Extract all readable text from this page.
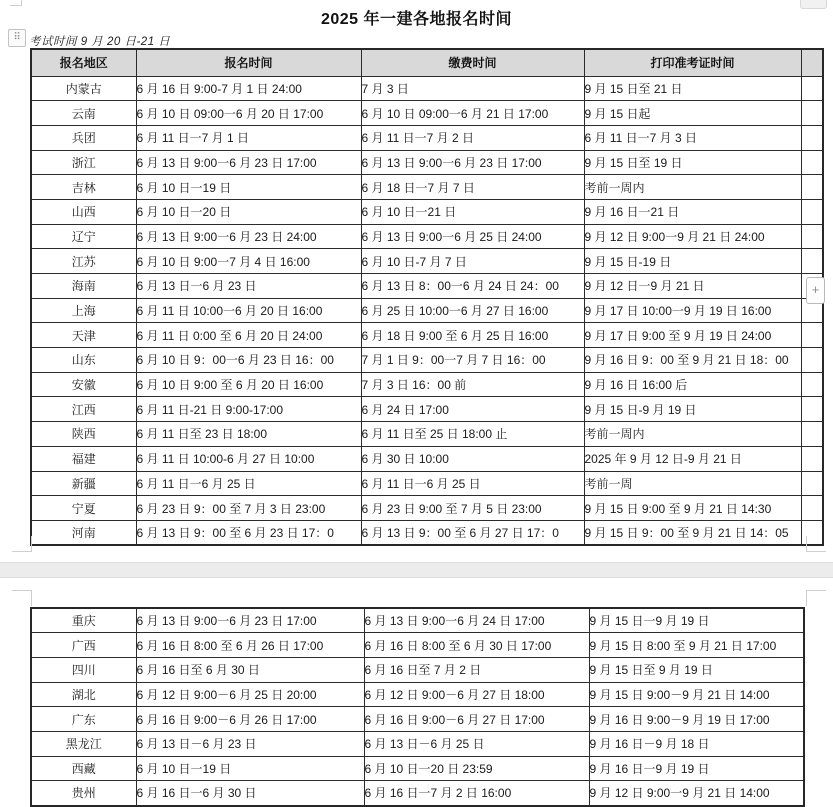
2025 年一建各地报名时间
⠿ 考试时间 9 月 20 日-21 日
报名地区	报名时间	缴费时间	打印准考证时间	
内蒙古	6 月 16 日 9:00-7 月 1 日 24:00	7 月 3 日	9 月 15 日至 21 日	
云南	6 月 10 日 09:00一6 月 20 日 17:00	6 月 10 日 09:00一6 月 21 日 17:00	9 月 15 日起	
兵团	6 月 11 日一7 月 1 日	6 月 11 日一7 月 2 日	6 月 11 日一7 月 3 日	
浙江	6 月 13 日 9:00一6 月 23 日 17:00	6 月 13 日 9:00一6 月 23 日 17:00	9 月 15 日至 19 日	
吉林	6 月 10 日一19 日	6 月 18 日一7 月 7 日	考前一周内	
山西	6 月 10 日一20 日	6 月 10 日一21 日	9 月 16 日一21 日	
辽宁	6 月 13 日 9:00一6 月 23 日 24:00	6 月 13 日 9:00一6 月 25 日 24:00	9 月 12 日 9:00一9 月 21 日 24:00	
江苏	6 月 10 日 9:00一7 月 4 日 16:00	6 月 10 日-7 月 7 日	9 月 15 日-19 日	
海南	6 月 13 日一6 月 23 日	6 月 13 日 8：00一6 月 24 日 24：00	9 月 12 日一9 月 21 日	
上海	6 月 11 日 10:00一6 月 20 日 16:00	6 月 25 日 10:00一6 月 27 日 16:00	9 月 17 日 10:00一9 月 19 日 16:00	
天津	6 月 11 日 0:00 至 6 月 20 日 24:00	6 月 18 日 9:00 至 6 月 25 日 16:00	9 月 17 日 9:00 至 9 月 19 日 24:00	
山东	6 月 10 日 9：00一6 月 23 日 16：00	7 月 1 日 9：00一7 月 7 日 16：00	9 月 16 日 9：00 至 9 月 21 日 18：00	
安徽	6 月 10 日 9:00 至 6 月 20 日 16:00	7 月 3 日 16：00 前	9 月 16 日 16:00 后	
江西	6 月 11 日-21 日 9:00-17:00	6 月 24 日 17:00	9 月 15 日-9 月 19 日	
陕西	6 月 11 日至 23 日 18:00	6 月 11 日至 25 日 18:00 止	考前一周内	
福建	6 月 11 日 10:00-6 月 27 日 10:00	6 月 30 日 10:00	2025 年 9 月 12 日-9 月 21 日	
新疆	6 月 11 日一6 月 25 日	6 月 11 日一6 月 25 日	考前一周	
宁夏	6 月 23 日 9：00 至 7 月 3 日 23:00	6 月 23 日 9:00 至 7 月 5 日 23:00	9 月 15 日 9:00 至 9 月 21 日 14:30	
河南	6 月 13 日 9：00 至 6 月 23 日 17：0	6 月 13 日 9：00 至 6 月 27 日 17：0	9 月 15 日 9：00 至 9 月 21 日 14：05	
+
重庆	6 月 13 日 9:00一6 月 23 日 17:00	6 月 13 日 9:00一6 月 24 日 17:00	9 月 15 日一9 月 19 日
广西	6 月 16 日 8:00 至 6 月 26 日 17:00	6 月 16 日 8:00 至 6 月 30 日 17:00	9 月 15 日 8:00 至 9 月 21 日 17:00
四川	6 月 16 日至 6 月 30 日	6 月 16 日至 7 月 2 日	9 月 15 日至 9 月 19 日
湖北	6 月 12 日 9:00－6 月 25 日 20:00	6 月 12 日 9:00－6 月 27 日 18:00	9 月 15 日 9:00－9 月 21 日 14:00
广东	6 月 16 日 9:00－6 月 26 日 17:00	6 月 16 日 9:00－6 月 27 日 17:00	9 月 16 日 9:00－9 月 19 日 17:00
黑龙江	6 月 13 日－6 月 23 日	6 月 13 日－6 月 25 日	9 月 16 日－9 月 18 日
西藏	6 月 10 日一19 日	6 月 10 日一20 日 23:59	9 月 16 日一9 月 19 日
贵州	6 月 16 日一6 月 30 日	6 月 16 日一7 月 2 日 16:00	9 月 12 日 9:00一9 月 21 日 14:00
